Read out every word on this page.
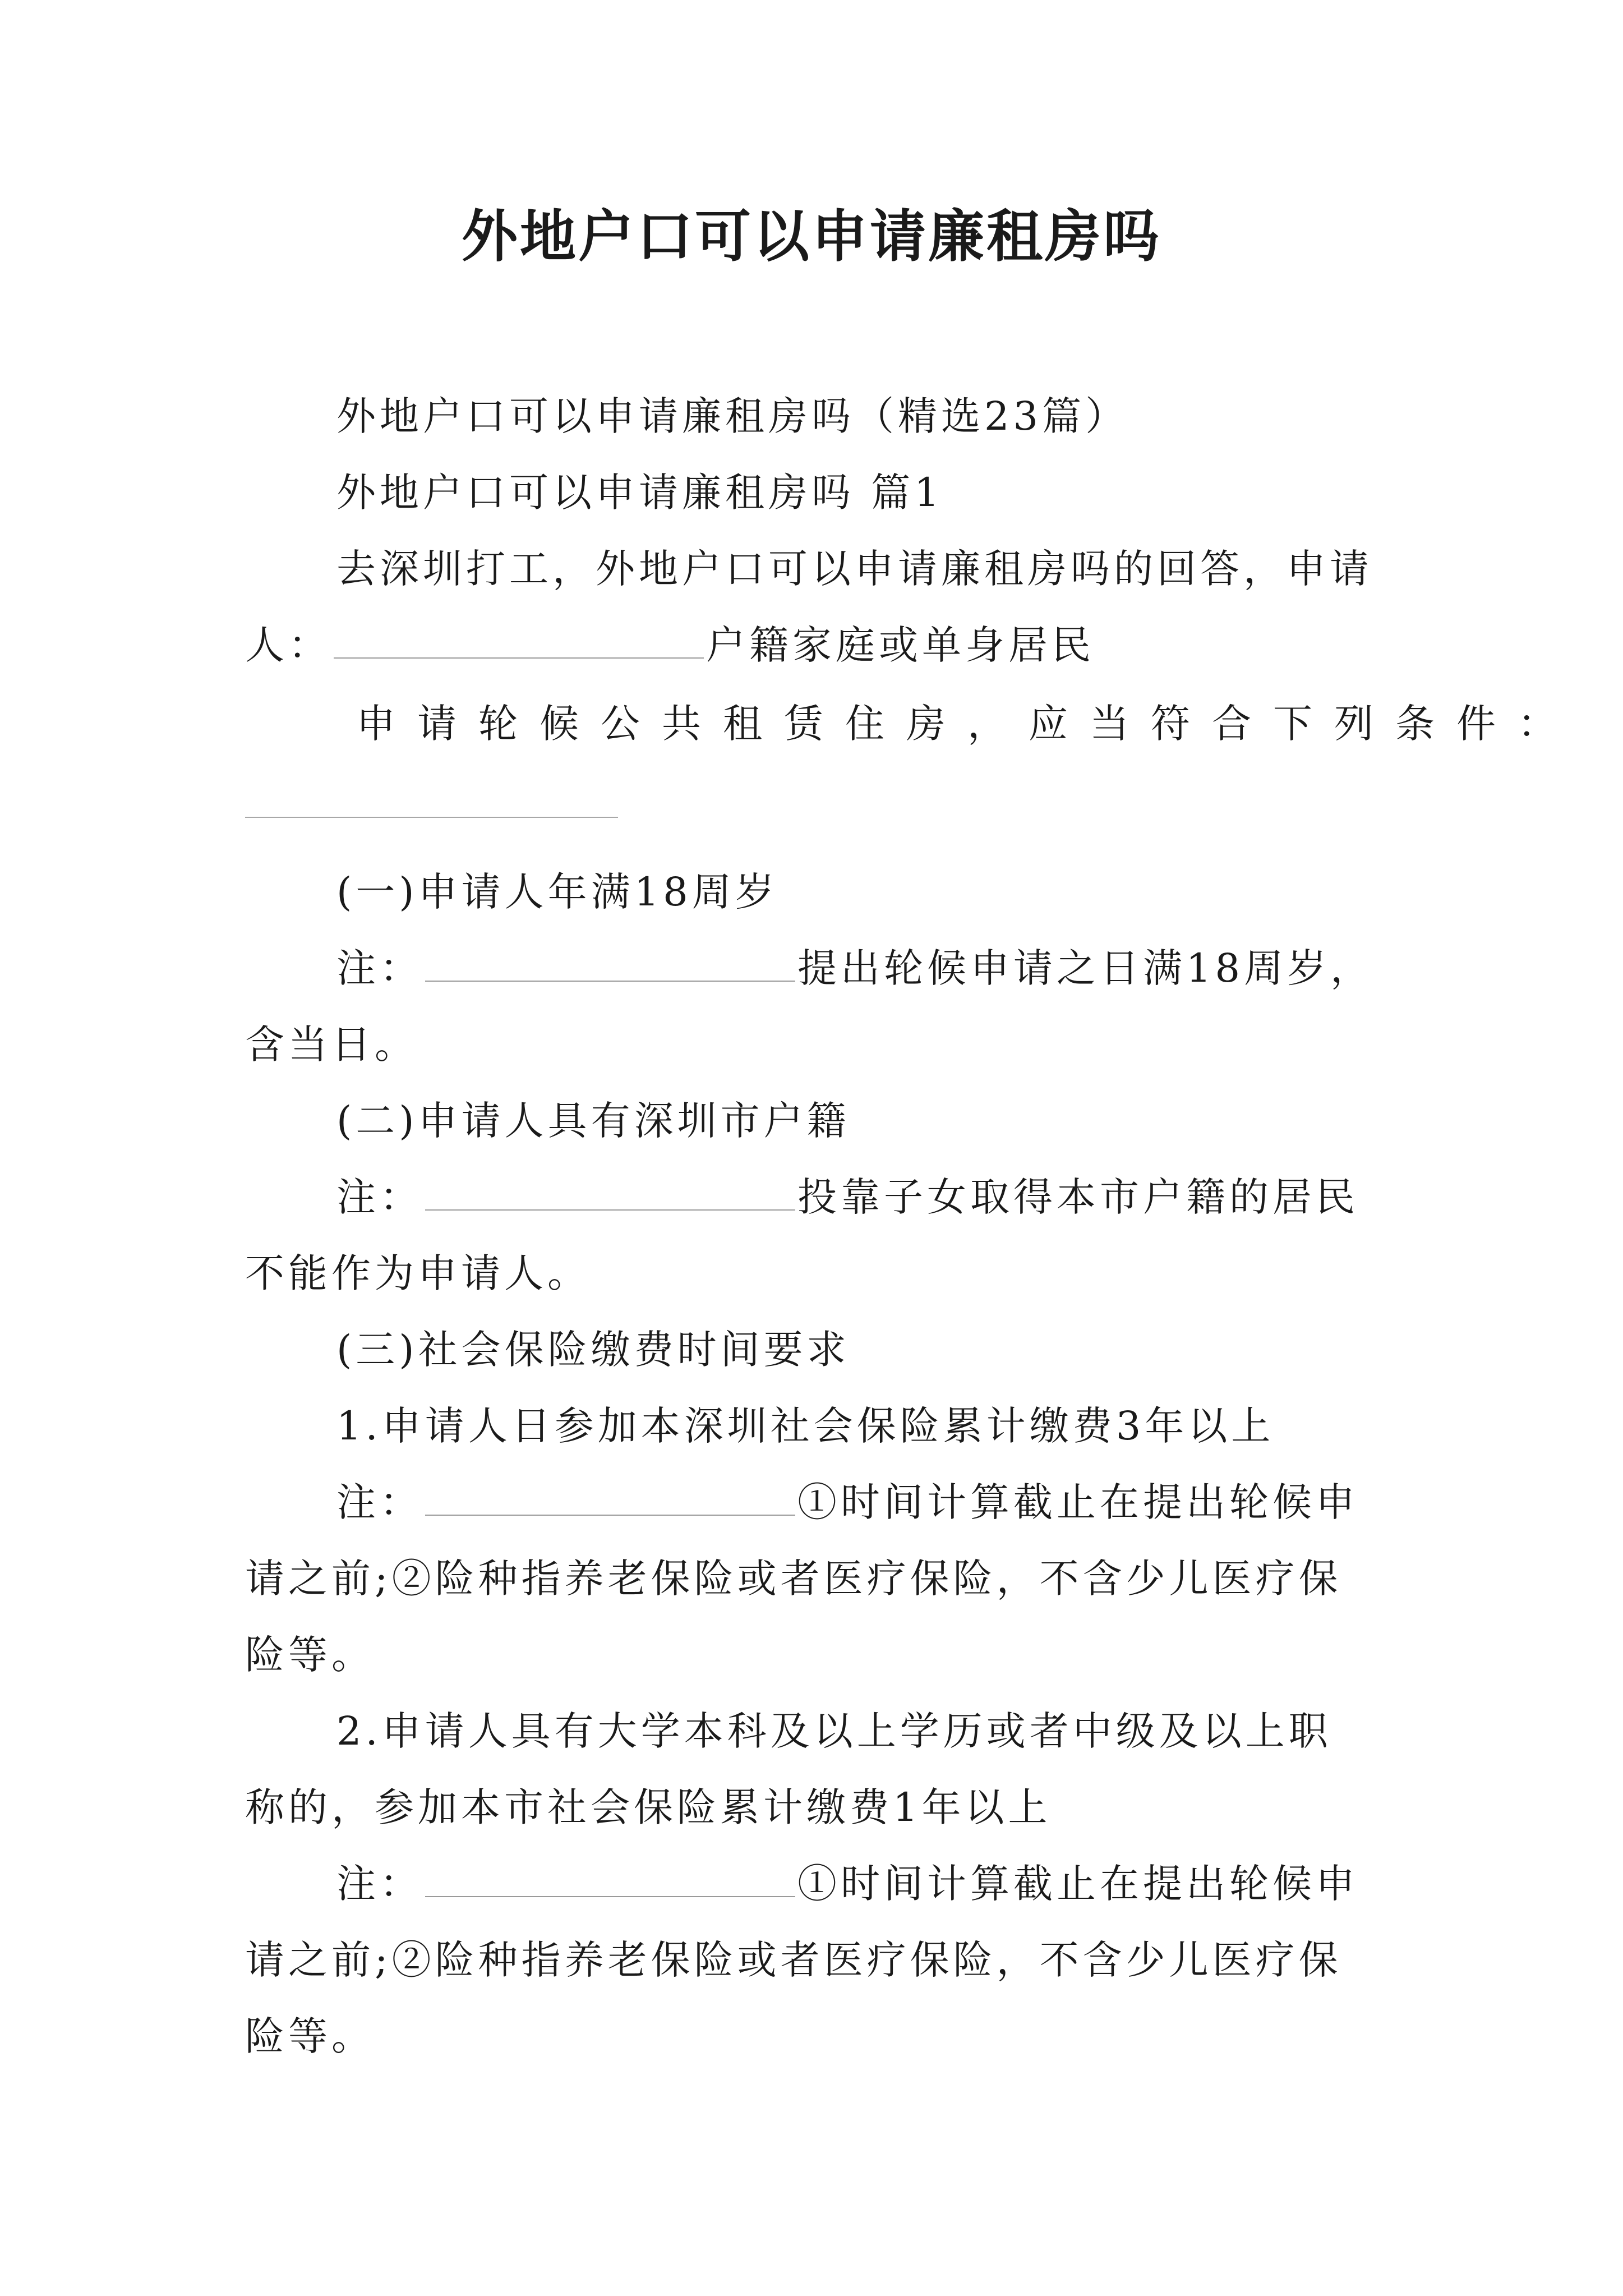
外地户口可以申请廉租房吗
外地户口可以申请廉租房吗（精选23篇）
外地户口可以申请廉租房吗 篇1
去深圳打工，外地户口可以申请廉租房吗的回答，申请
人：	户籍家庭或单身居民
申请轮候公共租赁住房，应当符合下列条件：
(一)申请人年满18周岁
注：	提出轮候申请之日满18周岁，
含当日。
(二)申请人具有深圳市户籍
注：	投靠子女取得本市户籍的居民
不能作为申请人。
(三)社会保险缴费时间要求
1.申请人日参加本深圳社会保险累计缴费3年以上
注：	①时间计算截止在提出轮候申
请之前;②险种指养老保险或者医疗保险，不含少儿医疗保
险等。
2.申请人具有大学本科及以上学历或者中级及以上职
称的，参加本市社会保险累计缴费1年以上
注：	①时间计算截止在提出轮候申
请之前;②险种指养老保险或者医疗保险，不含少儿医疗保
险等。
